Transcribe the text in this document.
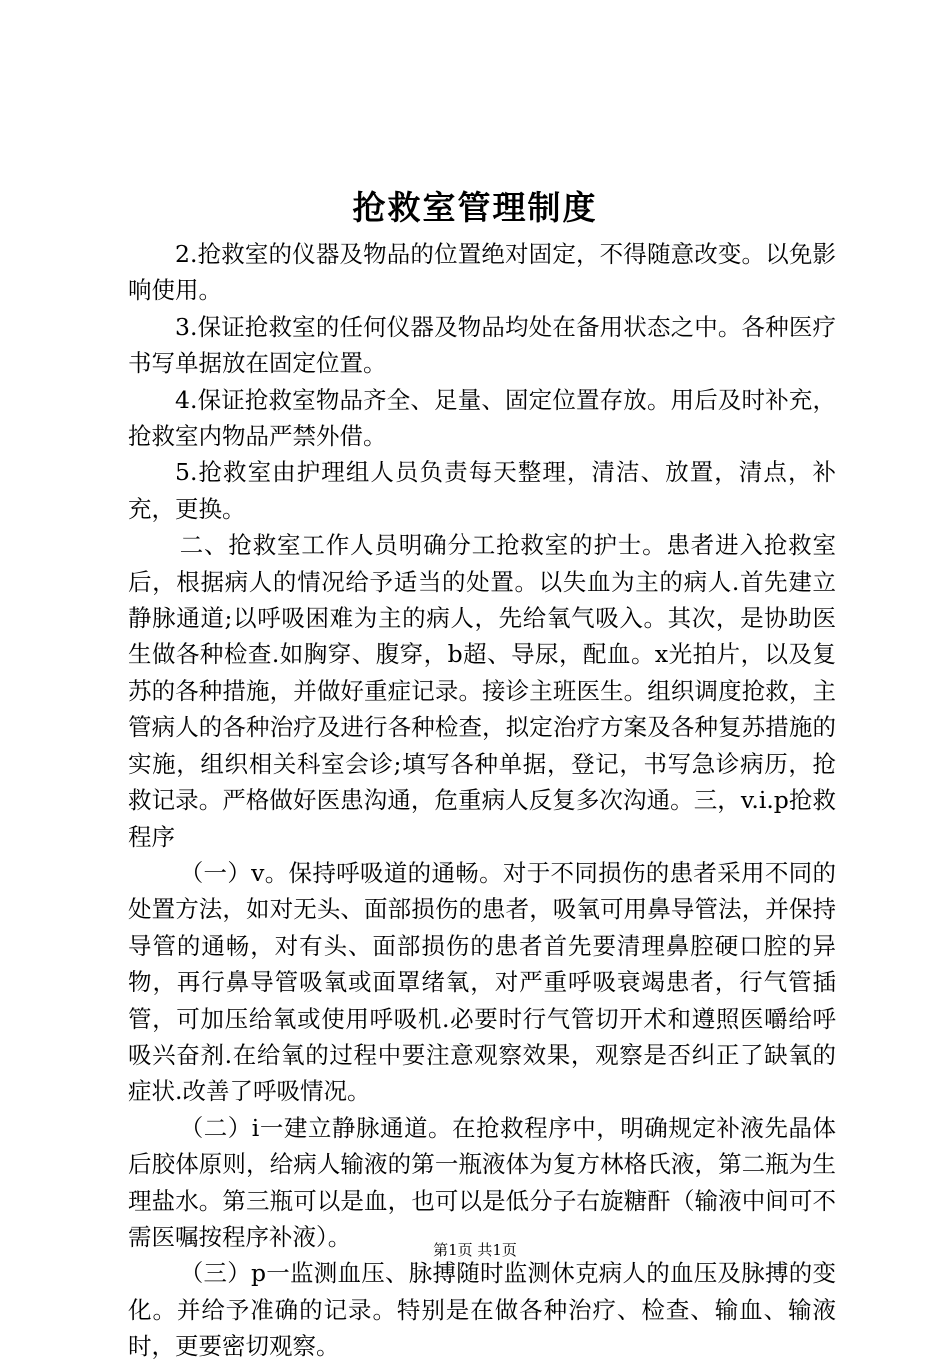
抢救室管理制度

2.抢救室的仪器及物品的位置绝对固定，不得随意改变。以免影响使用。

3.保证抢救室的任何仪器及物品均处在备用状态之中。各种医疗书写单据放在固定位置。

4.保证抢救室物品齐全、足量、固定位置存放。用后及时补充，抢救室内物品严禁外借。

5.抢救室由护理组人员负责每天整理，清洁、放置，清点，补充，更换。

二、抢救室工作人员明确分工抢救室的护士。患者进入抢救室后，根据病人的情况给予适当的处置。以失血为主的病人.首先建立静脉通道;以呼吸困难为主的病人，先给氧气吸入。其次，是协助医生做各种检查.如胸穿、腹穿，b超、导尿，配血。x光拍片，以及复苏的各种措施，并做好重症记录。接诊主班医生。组织调度抢救，主管病人的各种治疗及进行各种检查，拟定治疗方案及各种复苏措施的实施，组织相关科室会诊;填写各种单据，登记，书写急诊病历，抢救记录。严格做好医患沟通，危重病人反复多次沟通。三，v.i.p抢救程序

（一）v。保持呼吸道的通畅。对于不同损伤的患者采用不同的处置方法，如对无头、面部损伤的患者，吸氧可用鼻导管法，并保持导管的通畅，对有头、面部损伤的患者首先要清理鼻腔硬口腔的异物，再行鼻导管吸氧或面罩绪氧，对严重呼吸衰竭患者，行气管插管，可加压给氧或使用呼吸机.必要时行气管切开术和遵照医嚼给呼吸兴奋剂.在给氧的过程中要注意观察效果，观察是否纠正了缺氧的症状.改善了呼吸情况。

（二）i一建立静脉通道。在抢救程序中，明确规定补液先晶体后胶体原则，给病人输液的第一瓶液体为复方林格氏液，第二瓶为生理盐水。第三瓶可以是血，也可以是低分子右旋糖酐（输液中间可不需医嘱按程序补液）。

（三）p一监测血压、脉搏随时监测休克病人的血压及脉搏的变化。并给予准确的记录。特别是在做各种治疗、检查、输血、输液时，更要密切观察。

第1页 共1页
